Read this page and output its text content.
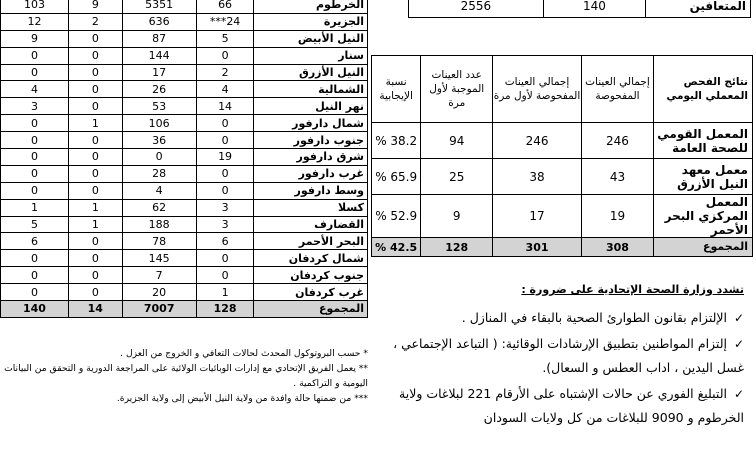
الخرطوم	66	5351	9	103
الجزيرة	24***	636	2	12
النيل الأبيض	5	87	0	9
سنار	0	144	0	0
النيل الأزرق	2	17	0	0
الشمالية	4	26	0	4
نهر النيل	14	53	0	3
شمال دارفور	0	106	1	0
جنوب دارفور	0	36	0	0
شرق دارفور	19	0	0	0
غرب دارفور	0	28	0	0
وسط دارفور	0	4	0	0
كسلا	3	62	1	1
القضارف	3	188	1	5
البحر الأحمر	6	78	0	6
شمال كردفان	0	145	0	0
جنوب كردفان	0	7	0	0
غرب كردفان	1	20	0	0
المجموع	128	7007	14	140
المتعافين	140	2556
نتائج الفحص المعملي اليومي	إجمالي العينات المفحوصة	إجمالي العينات المفحوصة لأول مرة	عدد العينات الموجبة لأول مرة	نسبة الإيجابية
المعمل القومي للصحة العامة	246	246	94	38.2 %
معمل معهد النيل الأزرق	43	38	25	65.9 %
المعمل المركزي البحر الأحمر	19	17	9	52.9 %
المجموع	308	301	128	42.5 %

* حسب البروتوكول المحدث لحالات التعافي و الخروج من العزل .

** يعمل الفريق الإتحادي مع إدارات الوبائيات الولائية على المراجعة الدورية و التحقق من البيانات اليومية و التراكمية .

*** من ضمنها حالة وافدة من ولاية النيل الأبيض إلى ولاية الجزيرة.

تشدد وزارة الصحة الإتحادية على ضرورة :
✓الإلتزام بقانون الطوارئ الصحية بالبقاء في المنازل .
✓إلتزام المواطنين بتطبيق الإرشادات الوقائية: ( التباعد الإجتماعي ، غسل اليدين ، اداب العطس و السعال).
✓التبليغ الفوري عن حالات الإشتباه على الأرقام 221 لبلاغات ولاية الخرطوم و 9090 للبلاغات من كل ولايات السودان
